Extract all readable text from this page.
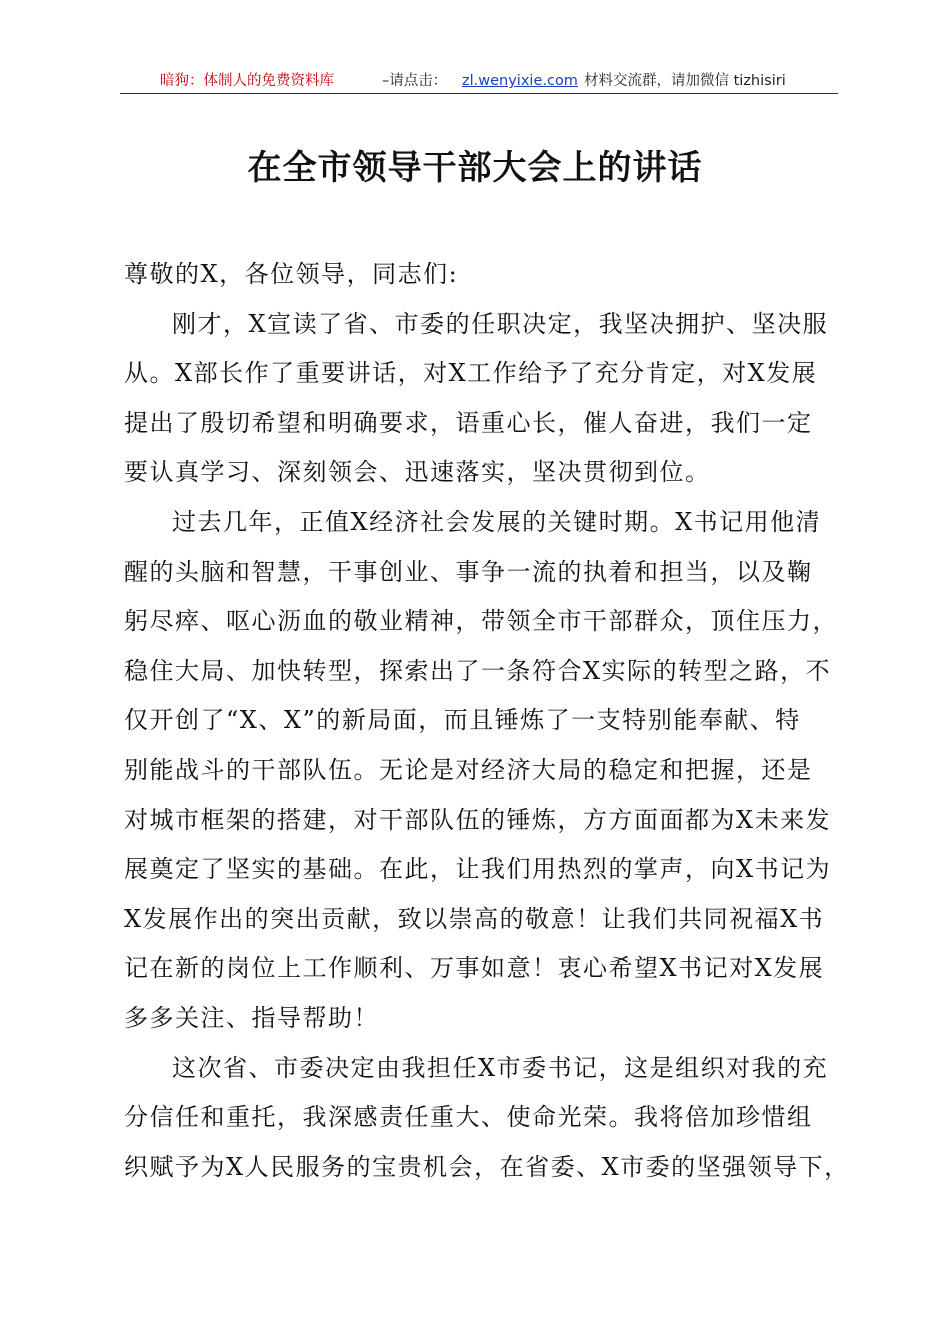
暗狗：体制人的免费资料库	–请点击： zl.wenyixie.com 材料交流群，请加微信 tizhisiri
在全市领导干部大会上的讲话
尊敬的X，各位领导，同志们:
刚才，X宣读了省、市委的任职决定，我坚决拥护、坚决服
从。X部长作了重要讲话，对X工作给予了充分肯定，对X发展
提出了殷切希望和明确要求，语重心长，催人奋进，我们一定
要认真学习、深刻领会、迅速落实，坚决贯彻到位。
过去几年，正值X经济社会发展的关键时期。X书记用他清
醒的头脑和智慧，干事创业、事争一流的执着和担当，以及鞠
躬尽瘁、呕心沥血的敬业精神，带领全市干部群众，顶住压力，
稳住大局、加快转型，探索出了一条符合X实际的转型之路，不
仅开创了“X、X”的新局面，而且锤炼了一支特别能奉献、特
别能战斗的干部队伍。无论是对经济大局的稳定和把握，还是
对城市框架的搭建，对干部队伍的锤炼，方方面面都为X未来发
展奠定了坚实的基础。在此，让我们用热烈的掌声，向X书记为
X发展作出的突出贡献，致以崇高的敬意！让我们共同祝福X书
记在新的岗位上工作顺利、万事如意！衷心希望X书记对X发展
多多关注、指导帮助！
这次省、市委决定由我担任X市委书记，这是组织对我的充
分信任和重托，我深感责任重大、使命光荣。我将倍加珍惜组
织赋予为X人民服务的宝贵机会，在省委、X市委的坚强领导下，
